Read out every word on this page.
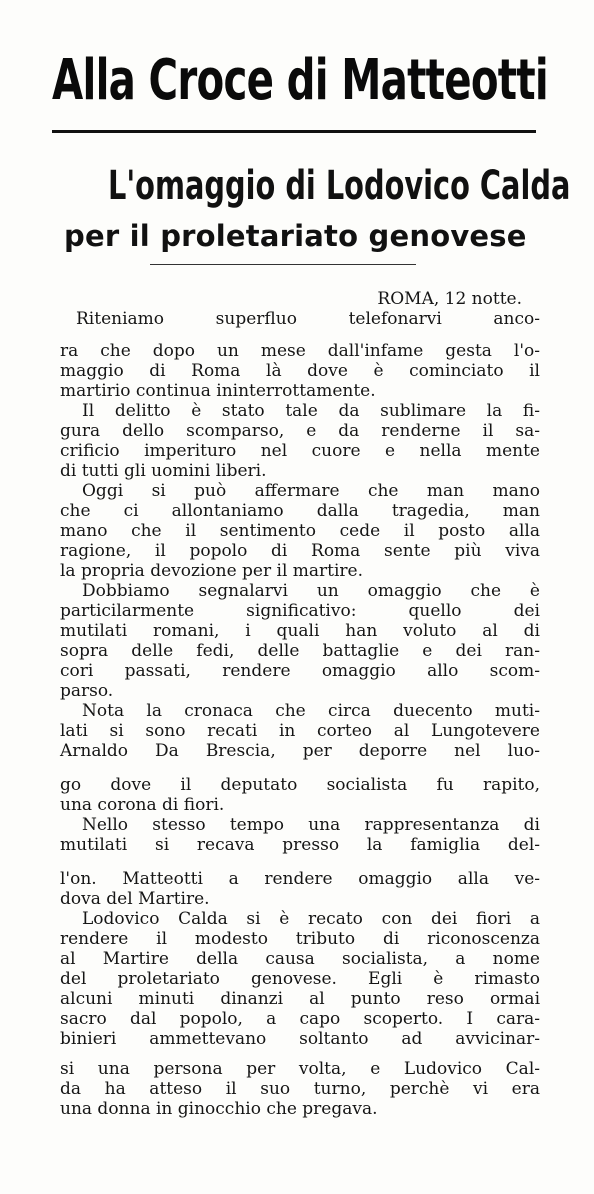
Alla Croce di Matteotti
L'omaggio di Lodovico Calda
per il proletariato genovese
ROMA, 12 notte.
Riteniamo superfluo telefonarvi anco-
ra che dopo un mese dall'infame gesta l'o-
maggio di Roma là dove è cominciato il
martirio continua ininterrottamente.
Il delitto è stato tale da sublimare la fi-
gura dello scomparso, e da renderne il sa-
crificio imperituro nel cuore e nella mente
di tutti gli uomini liberi.
Oggi si può affermare che man mano
che ci allontaniamo dalla tragedia, man
mano che il sentimento cede il posto alla
ragione, il popolo di Roma sente più viva
la propria devozione per il martire.
Dobbiamo segnalarvi un omaggio che è
particilarmente significativo: quello dei
mutilati romani, i quali han voluto al di
sopra delle fedi, delle battaglie e dei ran-
cori passati, rendere omaggio allo scom-
parso.
Nota la cronaca che circa duecento muti-
lati si sono recati in corteo al Lungotevere
Arnaldo Da Brescia, per deporre nel luo-
go dove il deputato socialista fu rapito,
una corona di fiori.
Nello stesso tempo una rappresentanza di
mutilati si recava presso la famiglia del-
l'on. Matteotti a rendere omaggio alla ve-
dova del Martire.
Lodovico Calda si è recato con dei fiori a
rendere il modesto tributo di riconoscenza
al Martire della causa socialista, a nome
del proletariato genovese. Egli è rimasto
alcuni minuti dinanzi al punto reso ormai
sacro dal popolo, a capo scoperto. I cara-
binieri ammettevano soltanto ad avvicinar-
si una persona per volta, e Ludovico Cal-
da ha atteso il suo turno, perchè vi era
una donna in ginocchio che pregava.
